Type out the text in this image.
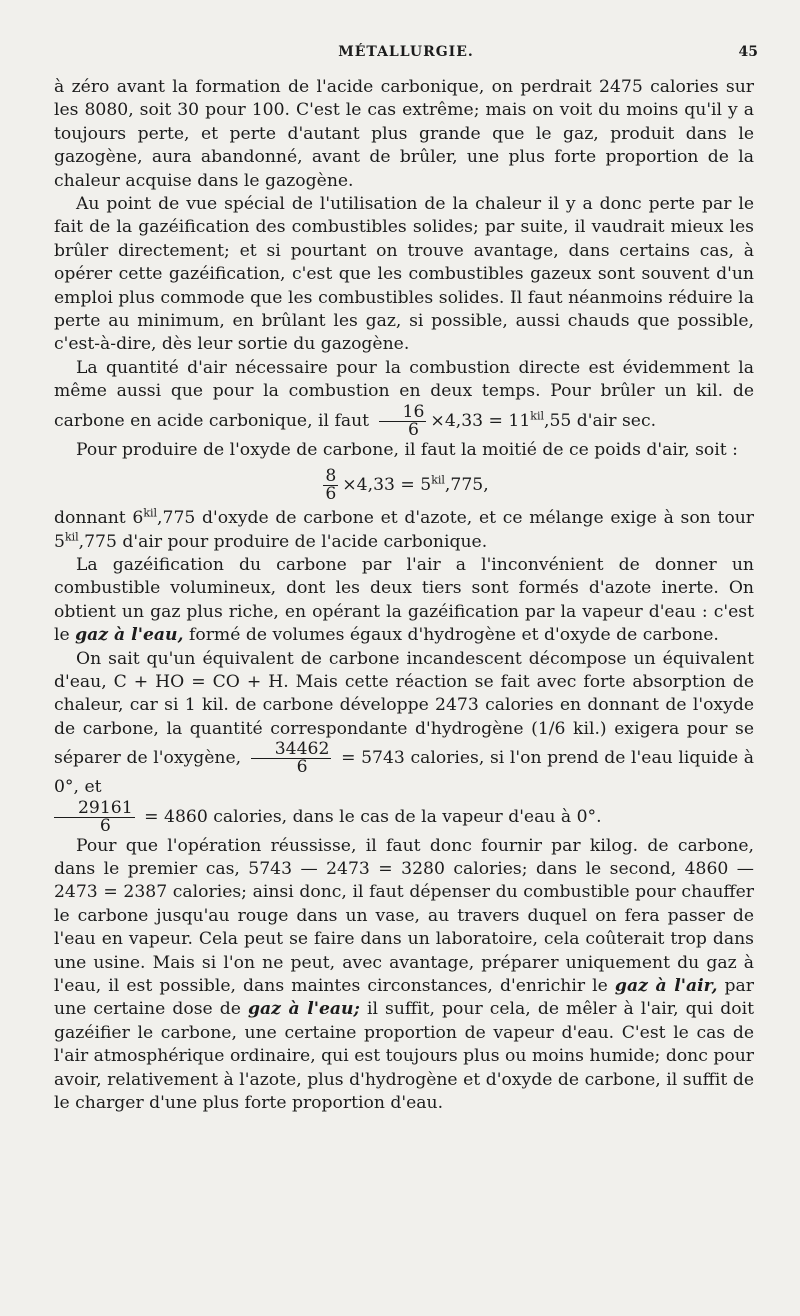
MÉTALLURGIE.	45

à zéro avant la formation de l'acide carbonique, on perdrait 2475 calories sur les 8080, soit 30 pour 100. C'est le cas extrême; mais on voit du moins qu'il y a toujours perte, et perte d'autant plus grande que le gaz, produit dans le gazogène, aura abandonné, avant de brûler, une plus forte proportion de la chaleur acquise dans le gazogène.

Au point de vue spécial de l'utilisation de la chaleur il y a donc perte par le fait de la gazéification des combustibles solides; par suite, il vaudrait mieux les brûler directement; et si pourtant on trouve avantage, dans certains cas, à opérer cette gazéification, c'est que les combustibles gazeux sont souvent d'un emploi plus commode que les combustibles solides. Il faut néanmoins réduire la perte au minimum, en brûlant les gaz, si possible, aussi chauds que possible, c'est-à-dire, dès leur sortie du gazogène.

La quantité d'air nécessaire pour la combustion directe est évidemment la même aussi que pour la combustion en deux temps. Pour brûler un kil. de carbone en acide carbonique, il faut $\frac{16}{6} \times 4,33 = 11^{kil},55$ d'air sec.

Pour produire de l'oxyde de carbone, il faut la moitié de ce poids d'air, soit :

$\frac{8}{6} \times 4,33 = 5^{kil},775$,

donnant $6^{kil},775$ d'oxyde de carbone et d'azote, et ce mélange exige à son tour $5^{kil},775$ d'air pour produire de l'acide carbonique.

La gazéification du carbone par l'air a l'inconvénient de donner un combustible volumineux, dont les deux tiers sont formés d'azote inerte. On obtient un gaz plus riche, en opérant la gazéification par la vapeur d'eau : c'est le gaz à l'eau, formé de volumes égaux d'hydrogène et d'oxyde de carbone.

On sait qu'un équivalent de carbone incandescent décompose un équivalent d'eau, C + HO = CO + H. Mais cette réaction se fait avec forte absorption de chaleur, car si 1 kil. de carbone développe 2473 calories en donnant de l'oxyde de carbone, la quantité correspondante d'hydrogène (1/6 kil.) exigera pour se séparer de l'oxygène, $\frac{34462}{6} = 5743$ calories, si l'on prend de l'eau liquide à 0°, et

$\frac{29161}{6} = 4860$ calories, dans le cas de la vapeur d'eau à 0°.

Pour que l'opération réussisse, il faut donc fournir par kilog. de carbone, dans le premier cas, 5743 — 2473 = 3280 calories; dans le second, 4860 — 2473 = 2387 calories; ainsi donc, il faut dépenser du combustible pour chauffer le carbone jusqu'au rouge dans un vase, au travers duquel on fera passer de l'eau en vapeur. Cela peut se faire dans un laboratoire, cela coûterait trop dans une usine. Mais si l'on ne peut, avec avantage, préparer uniquement du gaz à l'eau, il est possible, dans maintes circonstances, d'enrichir le gaz à l'air, par une certaine dose de gaz à l'eau; il suffit, pour cela, de mêler à l'air, qui doit gazéifier le carbone, une certaine proportion de vapeur d'eau. C'est le cas de l'air atmosphérique ordinaire, qui est toujours plus ou moins humide; donc pour avoir, relativement à l'azote, plus d'hydrogène et d'oxyde de carbone, il suffit de le charger d'une plus forte proportion d'eau.
